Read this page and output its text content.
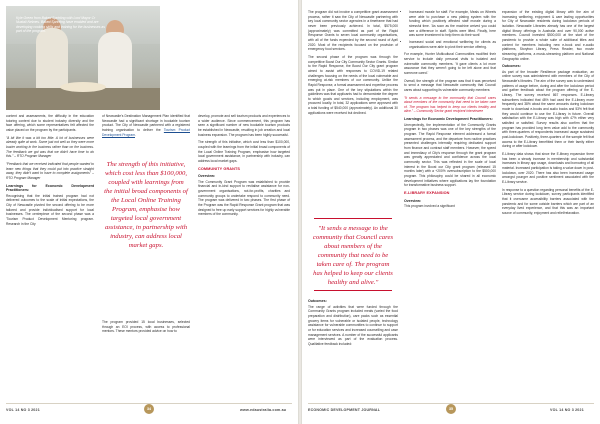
Kyle Green from Baked Sprinting with Lord Mayor Cr Nuatali Nelmes. Baked Sprinting have enabled and are developing cooking skills and training for the businesses as part of the program.

content and assessments, the difficulty in the education tutoring content due to student industry diversity and the face offering, which some representatives felt affected the value placed on the program by the participants.

"A bit like it was a bit too little. A lot of businesses were already quite at work. Some just not well so they were more busier working in the business rather than on the business. The feedback we got was that we didn't have time to do this." – RTO Program Manager

"Feedback that we received indicated that people wanted to learn new things that they could put into practice straight away, they didn't want to have to complete assignments" – RTO Program Manager

Learnings for Economic Development Practitioners:

Recognising that the initial trained program had not delivered outcomes to the scale of initial expectations, the City of Newcastle pivoted the second offering to be more tailored and provide individualised support for local businesses. The centrepiece of the second phase was a 'Tourism Product Development Mentoring program. Research in the City

of Newcastle's Destination Management Plan identified that Newcastle had a significant shortage in bookable tourism product. The City of Newcastle partnered with a registered training organisation to deliver the Tourism Product Development Program.

The strength of this initiative, which cost less than $100,000, coupled with learnings from the initial broad components of the Local Online Training Program, emphasise how targeted local government assistance, in partnership with industry, can address local market gaps.

The program provided 15 local businesses, selected through an EOI process, with access to professional mentors. These mentors provided advice on how to

develop, promote and sell tourism products and experiences to a wider audience. Since commencement, this program has seen a significant number of new bookable tourism products be established in Newcastle, resulting in job creation and local business expansion. The program has been highly successful.

The strength of this initiative, which cost less than $100,000, coupled with the learnings from the initial broad components of the Local Online Training Program, emphasise how targeted local government assistance, in partnership with industry, can address local market gaps.

COMMUNITY GRANTS
Overview:

The Community Grant Program was established to provide financial and in-kind support to revitalise assistance for non-government organisations, not-for-profits, charities and community groups to undertake respond to community need. The program was delivered in two phases. The first phase of the Program was the Rapid Response Grant program that was designed to free up early support services for highly vulnerable members of the community.

VOL 14 NO 3 2021	34	www.edaustralia.com.au

The program did not involve a competitive grant assessment process, rather it saw the City of Newcastle partnering with key local community sector agencies in a timeframe that had never been previously achieved. In total, $575,000 (approximately) was committed as part of the Rapid Response Grants to seven local community organisations, with all of the funds expended by the second round of April 2020. Most of the recipients focused on the provision of emergency food services.

The second phase of the program was through the competitive Boost Our City Community Sector Grants. Similar to the Rapid Response, the Boost Our City grant program aimed to assist with responses to COVID-19 related challenges focusing on the needs of the local vulnerable and emerging at-risk members of our community. Unlike the Rapid Response, a formal assessment and expertise process was put in place. One of the key stipulations within the guidelines was that applicants had to demonstrate the degree to which goods and services, including employment, was procured locally. In total, 32 applications were approved with a total funding of $540,000 (approximately). An additional 30 applications were received but declined.

"It sends a message to the community that Council cares about members of the community that need to be taken care of. The program has helped to keep our clients healthy and alive."
Outcomes:

The range of activities that were funded through the Community Grants program included meals (varied the food preparation and distribution), care packs such as essential grocery items for vulnerable or isolated people, technology assistance for vulnerable communities to continue to support or for education services and increased counselling and case management services. A number of the successful applicants were interviewed as part of the evaluation process. Qualitative feedback included:

• Increased morale for staff. For example, Meals on Wheels were able to purchase a new plating system with the funding which positively affected staff morale during a stressful time. 'As soon as the machine arrived you could see a difference in staff. Spirits were lifted. Finally, here was some investment to help them do their work'
• Increased social and emotional wellbeing for clients as organisations were able to pivot their service offering.

For example, Hunter Multicultural Communities modified their service to include daily personal visits to isolated and vulnerable community members. 'It gave clients a lot more assurance that they weren't going to be left alone and that someone cared.'

Overall, the strength of the program was that it was perceived to send a message that Newcastle community that Council cares about supporting its vulnerable community members:

"It sends a message to the community that Council cares about members of the community that need to be taken care of. The program has helped to keep our clients healthy and alive." – Community Sector grant recipient interviewee

Learnings for Economic Development Practitioners:

Unexpectedly, the implementation of the Community Grants program in two phases was one of the key strengths of the program. The Rapid Response element addressed a formal assessment process, and the departure from routine practices presented challenges internally requiring dedicated support from finance and contract staff members. However, the speed and immediacy of City's response through the grant program was greatly appreciated and confidence across the local community sector. This was reflected in the scale of local interest in the Boost our City grant program (released 15 months later) with a +200% oversubscription to the $500,000 program. This philosophy could be shared in all economic development initiatives where applications lay the foundation for transformative business support.

E-LIBRARY EXPANSION
Overview:

This program involved a significant

expansion of the existing digital library with the aim of increasing wellbeing, enjoyment & care lasting opportunities for City of Newcastle residents during lockdown periods of isolation. Newcastle Libraries already has one of the largest digital library offerings in Australia and over 90,000 active members. Council invested $500,000 at the start of the pandemic to provide a whole suite of additional titles and content for members including new e-book and e-audio platforms, Storybox Library, Press Reader, two movie streaming platforms, a music-streaming platform and National Geographic online.

Outcomes:

As part of the broader Resilience package evaluation, an online survey was administered with members of the City of Newcastle's libraries. The aim of the survey was to understand patterns of usage before, during and after the lockdown period and gather feedback about the program offering of the E-Library. The survey received 867 responses. E-Library subscribers indicated that 48% had used the E-Library more frequently and 38% about the same amounts during lockdown mode to download e-books and audio books and 53% felt that they would continue to use the E-Library in future. Overall satisfaction with the E-Library was high with 47% either very satisfied or satisfied. Survey results also confirm that the program has provided long term value add to the community with three-quarters of respondents increased usage sustained post-lockdown. Positively, three-quarters of the sample felt that access to the E-Library benefitted them or their family either during or after lockdown.

E-Library data shows that since the E-library expansion there has been a steady increase in membership and substantial increases in library app usage, downloads and borrowing of all material. Increased participation is taking a value down in post-lockdown, over 2020. There has also been increased usage amongst younger and positive sentiment associated with the E-Library service.

In response to a question regarding personal benefits of the E-Library service during lockdown, survey participants identified that it overcame accessibility barriers associated with the pandemic and for some outside barriers which are part of an everyday lived experience, and that this was an important source of community, enjoyment and relief/relaxation.

ECONOMIC DEVELOPMENT JOURNAL	35	VOL 14 NO 3 2021
